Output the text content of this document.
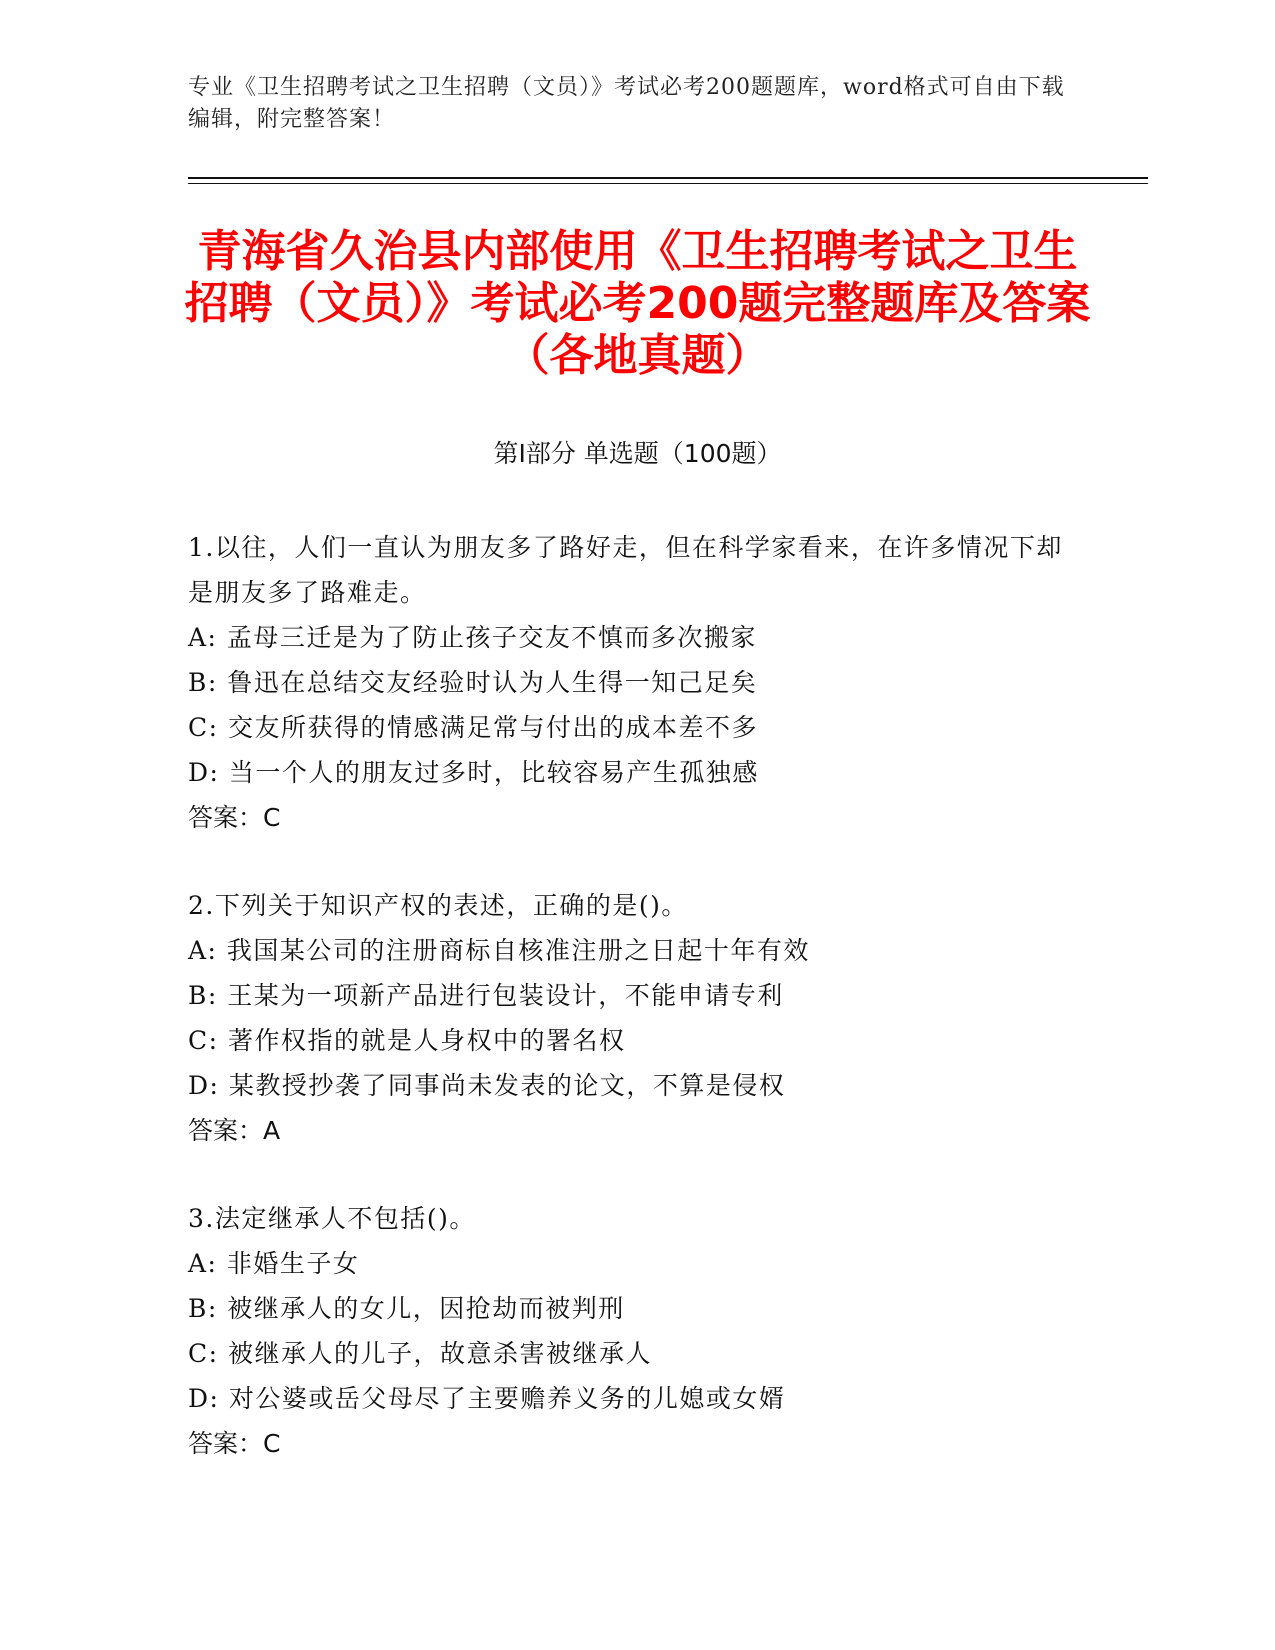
专业《卫生招聘考试之卫生招聘（文员）》考试必考200题题库，word格式可自由下载编辑，附完整答案！
青海省久治县内部使用《卫生招聘考试之卫生招聘（文员）》考试必考200题完整题库及答案（各地真题）
第I部分 单选题（100题）
1.以往，人们一直认为朋友多了路好走，但在科学家看来，在许多情况下却是朋友多了路难走。
A: 孟母三迁是为了防止孩子交友不慎而多次搬家
B: 鲁迅在总结交友经验时认为人生得一知己足矣
C: 交友所获得的情感满足常与付出的成本差不多
D: 当一个人的朋友过多时，比较容易产生孤独感
答案：C
2.下列关于知识产权的表述，正确的是()。
A: 我国某公司的注册商标自核准注册之日起十年有效
B: 王某为一项新产品进行包装设计，不能申请专利
C: 著作权指的就是人身权中的署名权
D: 某教授抄袭了同事尚未发表的论文，不算是侵权
答案：A
3.法定继承人不包括()。
A: 非婚生子女
B: 被继承人的女儿，因抢劫而被判刑
C: 被继承人的儿子，故意杀害被继承人
D: 对公婆或岳父母尽了主要赡养义务的儿媳或女婿
答案：C
